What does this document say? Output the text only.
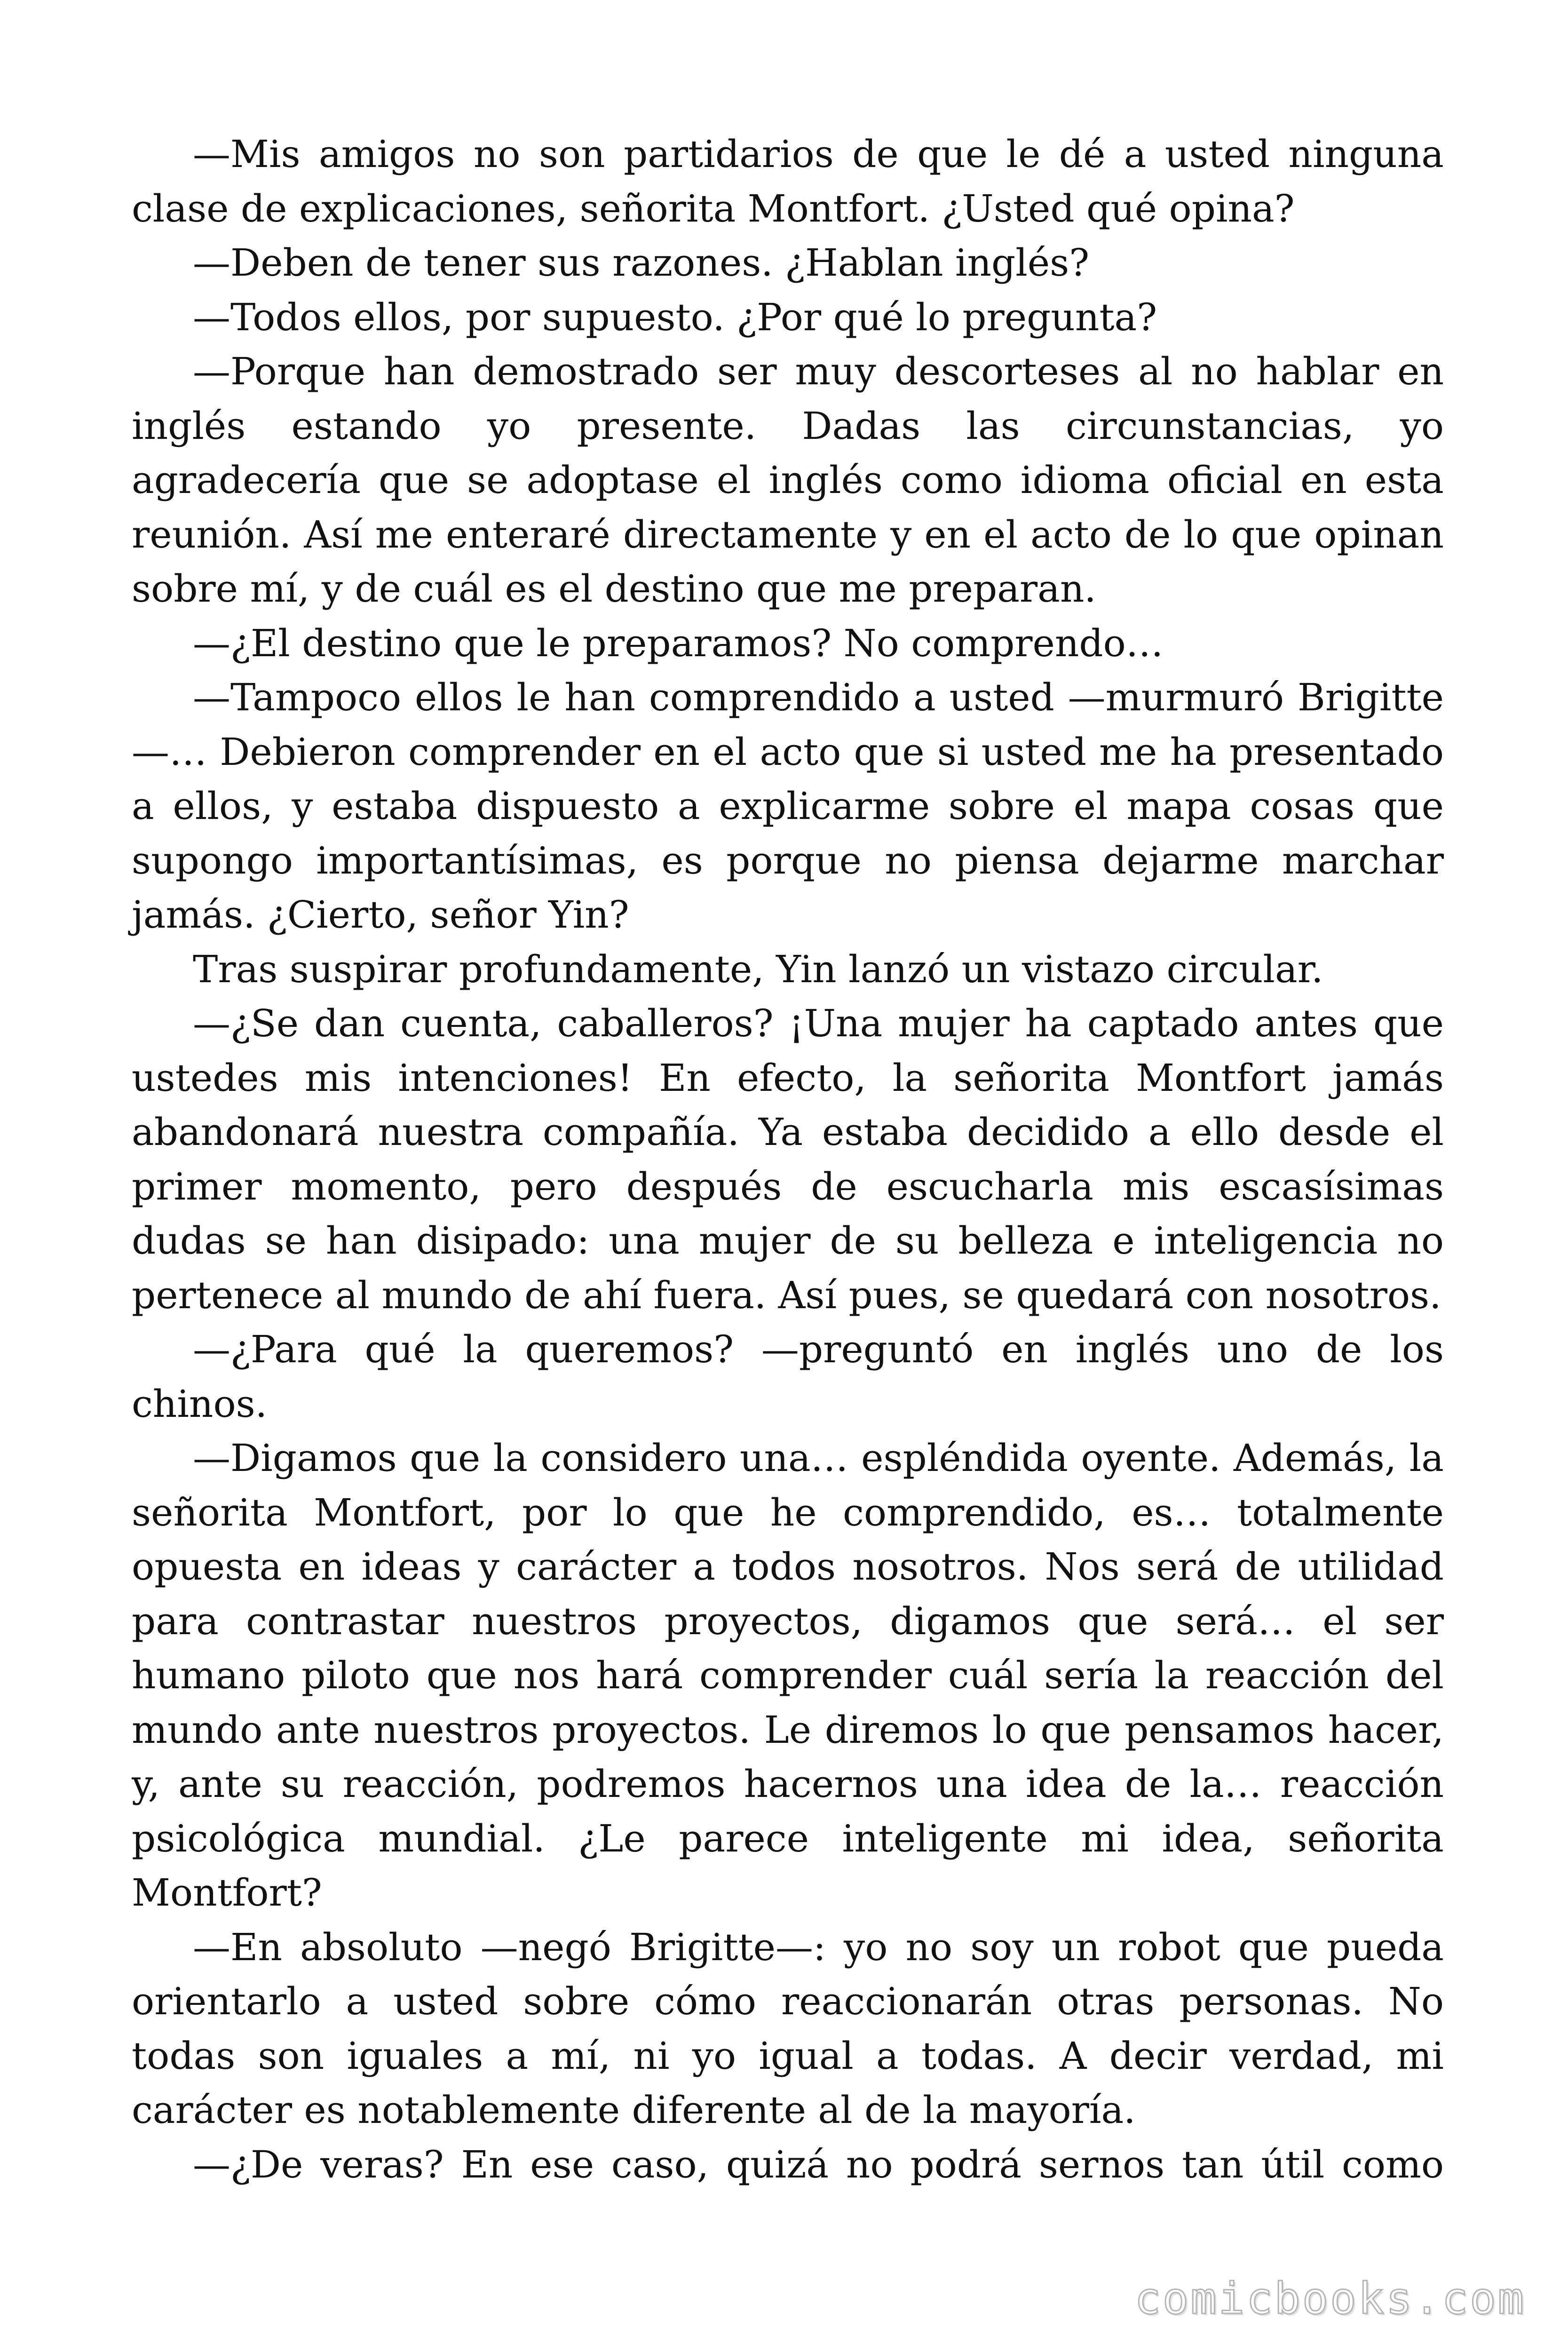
—Mis amigos no son partidarios de que le dé a usted ninguna clase de explicaciones, señorita Montfort. ¿Usted qué opina?

—Deben de tener sus razones. ¿Hablan inglés?

—Todos ellos, por supuesto. ¿Por qué lo pregunta?

—Porque han demostrado ser muy descorteses al no hablar en inglés estando yo presente. Dadas las circunstancias, yo agradecería que se adoptase el inglés como idioma oficial en esta reunión. Así me enteraré directamente y en el acto de lo que opinan sobre mí, y de cuál es el destino que me preparan.

—¿El destino que le preparamos? No comprendo…

—Tampoco ellos le han comprendido a usted —murmuró Brigitte—… Debieron comprender en el acto que si usted me ha presentado a ellos, y estaba dispuesto a explicarme sobre el mapa cosas que supongo importantísimas, es porque no piensa dejarme marchar jamás. ¿Cierto, señor Yin?

Tras suspirar profundamente, Yin lanzó un vistazo circular.

—¿Se dan cuenta, caballeros? ¡Una mujer ha captado antes que ustedes mis intenciones! En efecto, la señorita Montfort jamás abandonará nuestra compañía. Ya estaba decidido a ello desde el primer momento, pero después de escucharla mis escasísimas dudas se han disipado: una mujer de su belleza e inteligencia no pertenece al mundo de ahí fuera. Así pues, se quedará con nosotros.

—¿Para qué la queremos? —preguntó en inglés uno de los chinos.

—Digamos que la considero una… espléndida oyente. Además, la señorita Montfort, por lo que he comprendido, es… totalmente opuesta en ideas y carácter a todos nosotros. Nos será de utilidad para contrastar nuestros proyectos, digamos que será… el ser humano piloto que nos hará comprender cuál sería la reacción del mundo ante nuestros proyectos. Le diremos lo que pensamos hacer, y, ante su reacción, podremos hacernos una idea de la… reacción psicológica mundial. ¿Le parece inteligente mi idea, señorita Montfort?

—En absoluto —negó Brigitte—: yo no soy un robot que pueda orientarlo a usted sobre cómo reaccionarán otras personas. No todas son iguales a mí, ni yo igual a todas. A decir verdad, mi carácter es notablemente diferente al de la mayoría.

—¿De veras? En ese caso, quizá no podrá sernos tan útil como

comicbooks.com
